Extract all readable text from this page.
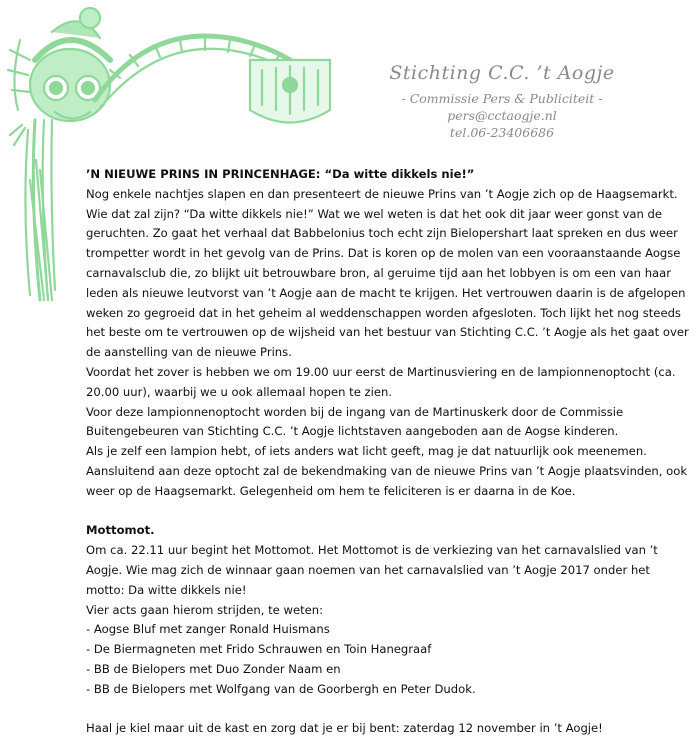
Stichting C.C. ’t Aogje
- Commissie Pers & Publiciteit -
pers@cctaogje.nl
tel.06-23406686

’N NIEUWE PRINS IN PRINCENHAGE: “Da witte dikkels nie!”

Nog enkele nachtjes slapen en dan presenteert de nieuwe Prins van ’t Aogje zich op de Haagsemarkt. Wie dat zal zijn? “Da witte dikkels nie!” Wat we wel weten is dat het ook dit jaar weer gonst van de geruchten. Zo gaat het verhaal dat Babbelonius toch echt zijn Bielopershart laat spreken en dus weer trompetter wordt in het gevolg van de Prins. Dat is koren op de molen van een vooraanstaande Aogse carnavalsclub die, zo blijkt uit betrouwbare bron, al geruime tijd aan het lobbyen is om een van haar leden als nieuwe leutvorst van ’t Aogje aan de macht te krijgen. Het vertrouwen daarin is de afgelopen weken zo gegroeid dat in het geheim al weddenschappen worden afgesloten. Toch lijkt het nog steeds het beste om te vertrouwen op de wijsheid van het bestuur van Stichting C.C. ’t Aogje als het gaat over de aanstelling van de nieuwe Prins.

Voordat het zover is hebben we om 19.00 uur eerst de Martinusviering en de lampionnenoptocht (ca. 20.00 uur), waarbij we u ook allemaal hopen te zien.

Voor deze lampionnenoptocht worden bij de ingang van de Martinuskerk door de Commissie Buitengebeuren van Stichting C.C. ’t Aogje lichtstaven aangeboden aan de Aogse kinderen.

Als je zelf een lampion hebt, of iets anders wat licht geeft, mag je dat natuurlijk ook meenemen.

Aansluitend aan deze optocht zal de bekendmaking van de nieuwe Prins van ’t Aogje plaatsvinden, ook weer op de Haagsemarkt. Gelegenheid om hem te feliciteren is er daarna in de Koe.

Mottomot.

Om ca. 22.11 uur begint het Mottomot. Het Mottomot is de verkiezing van het carnavalslied van ’t Aogje. Wie mag zich de winnaar gaan noemen van het carnavalslied van ’t Aogje 2017 onder het motto: Da witte dikkels nie!

Vier acts gaan hierom strijden, te weten:

- Aogse Bluf met zanger Ronald Huismans
- De Biermagneten met Frido Schrauwen en Toin Hanegraaf
- BB de Bielopers met Duo Zonder Naam en
- BB de Bielopers met Wolfgang van de Goorbergh en Peter Dudok.

Haal je kiel maar uit de kast en zorg dat je er bij bent: zaterdag 12 november in ’t Aogje!
